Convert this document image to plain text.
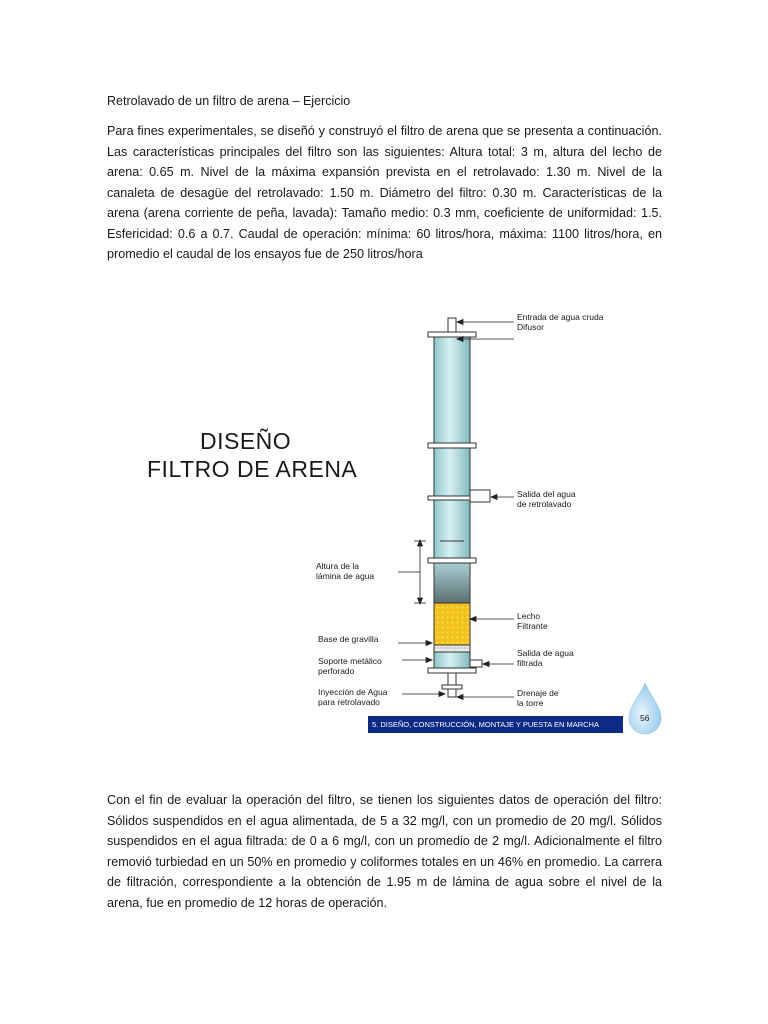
Retrolavado de un filtro de arena – Ejercicio
Para fines experimentales, se diseñó y construyó el filtro de arena que se presenta a continuación. Las características principales del filtro son las siguientes: Altura total: 3 m, altura del lecho de arena: 0.65 m. Nivel de la máxima expansión prevista en el retrolavado: 1.30 m. Nivel de la canaleta de desagüe del retrolavado: 1.50 m. Diámetro del filtro: 0.30 m. Características de la arena (arena corriente de peña, lavada): Tamaño medio: 0.3 mm, coeficiente de uniformidad: 1.5. Esfericidad: 0.6 a 0.7. Caudal de operación: mínima: 60 litros/hora, máxima: 1100 litros/hora, en promedio el caudal de los ensayos fue de 250 litros/hora
DISEÑO
FILTRO DE ARENA
Entrada de agua cruda
Difusor
Salida del agua
de retrolavado
Altura de la
lámina de agua
Lecho
Filtrante
Base de gravilla
Soporte metálico
perforado
Salida de agua
filtrada
Inyección de Agua
para retrolavado
Drenaje de
la torre
5. DISEÑO, CONSTRUCCIÓN, MONTAJE Y PUESTA EN MARCHA
56
Con el fin de evaluar la operación del filtro, se tienen los siguientes datos de operación del filtro: Sólidos suspendidos en el agua alimentada, de 5 a 32 mg/l, con un promedio de 20 mg/l. Sólidos suspendidos en el agua filtrada: de 0 a 6 mg/l, con un promedio de 2 mg/l. Adicionalmente el filtro removió turbiedad en un 50% en promedio y coliformes totales en un 46% en promedio. La carrera de filtración, correspondiente a la obtención de 1.95 m de lámina de agua sobre el nivel de la arena, fue en promedio de 12 horas de operación.
